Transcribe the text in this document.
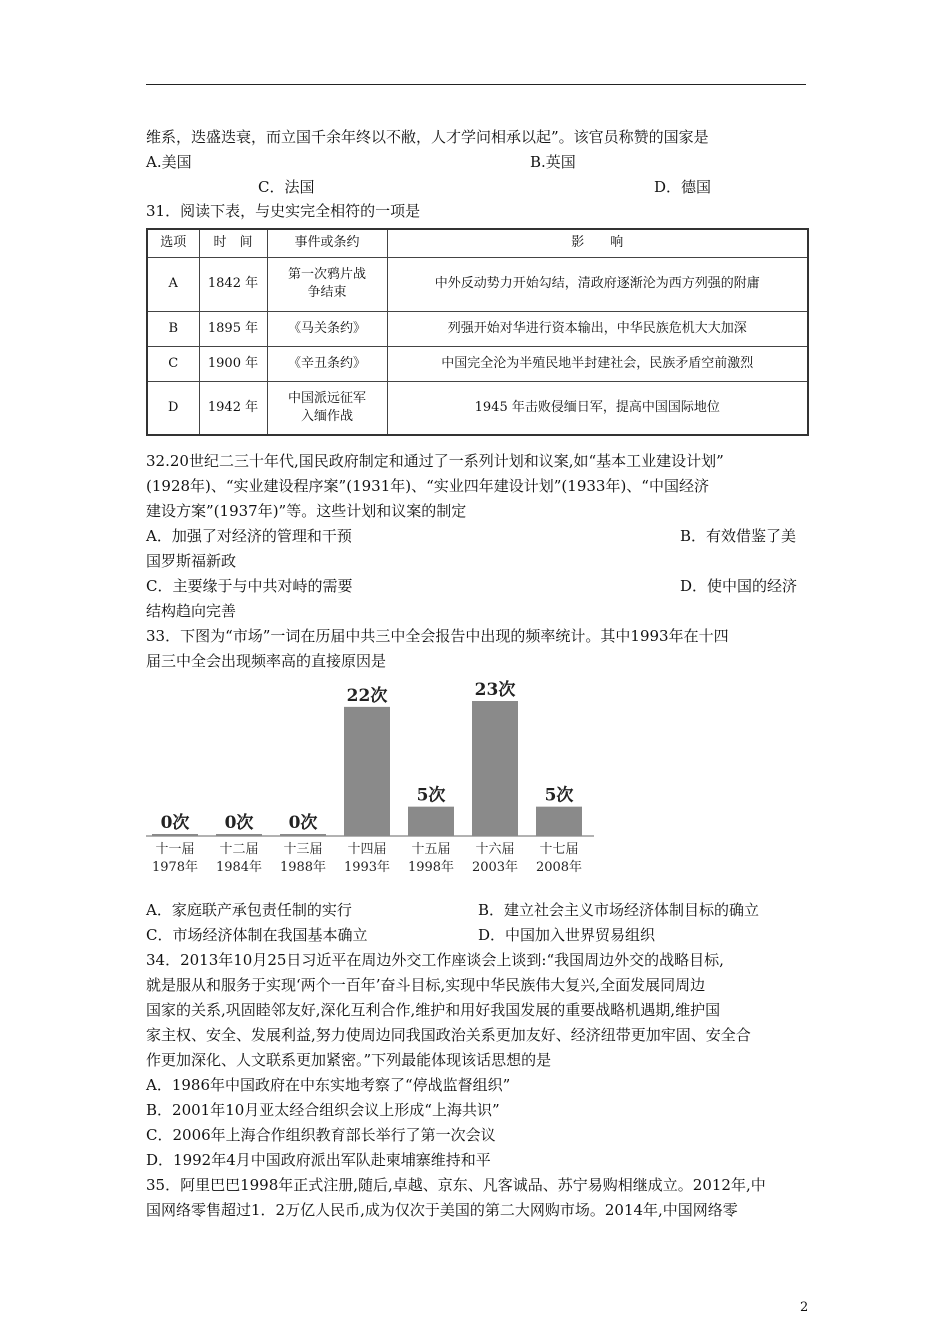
维系，迭盛迭衰，而立国千余年终以不敝，人才学问相承以起”。该官员称赞的国家是
A.美国	B.英国
C．法国	D．德国
31．阅读下表，与史实完全相符的一项是
选项	时　间	事件或条约	影　　响
A	1842 年	第一次鸦片战争结束	中外反动势力开始勾结，清政府逐渐沦为西方列强的附庸
B	1895 年	《马关条约》	列强开始对华进行资本输出，中华民族危机大大加深
C	1900 年	《辛丑条约》	中国完全沦为半殖民地半封建社会，民族矛盾空前激烈
D	1942 年	中国派远征军入缅作战	1945 年击败侵缅日军，提高中国国际地位
32.20世纪二三十年代,国民政府制定和通过了一系列计划和议案,如“基本工业建设计划”
(1928年)、“实业建设程序案”(1931年)、“实业四年建设计划”(1933年)、“中国经济
建设方案”(1937年)”等。这些计划和议案的制定
A．加强了对经济的管理和干预	B．有效借鉴了美
国罗斯福新政
C．主要缘于与中共对峙的需要	D．使中国的经济
结构趋向完善
33．下图为“市场”一词在历届中共三中全会报告中出现的频率统计。其中1993年在十四
届三中全会出现频率高的直接原因是
0次
十一届
1978年
0次
十二届
1984年
0次
十三届
1988年
22次
十四届
1993年
5次
十五届
1998年
23次
十六届
2003年
5次
十七届
2008年
A．家庭联产承包责任制的实行	B．建立社会主义市场经济体制目标的确立
C．市场经济体制在我国基本确立	D．中国加入世界贸易组织
34．2013年10月25日习近平在周边外交工作座谈会上谈到:“我国周边外交的战略目标,
就是服从和服务于实现‘两个一百年’奋斗目标,实现中华民族伟大复兴,全面发展同周边
国家的关系,巩固睦邻友好,深化互利合作,维护和用好我国发展的重要战略机遇期,维护国
家主权、安全、发展利益,努力使周边同我国政治关系更加友好、经济纽带更加牢固、安全合
作更加深化、人文联系更加紧密。”下列最能体现该话思想的是
A．1986年中国政府在中东实地考察了“停战监督组织”
B．2001年10月亚太经合组织会议上形成“上海共识”
C．2006年上海合作组织教育部长举行了第一次会议
D．1992年4月中国政府派出军队赴柬埔寨维持和平
35．阿里巴巴1998年正式注册,随后,卓越、京东、凡客诚品、苏宁易购相继成立。2012年,中
国网络零售超过1．2万亿人民币,成为仅次于美国的第二大网购市场。2014年,中国网络零
2
